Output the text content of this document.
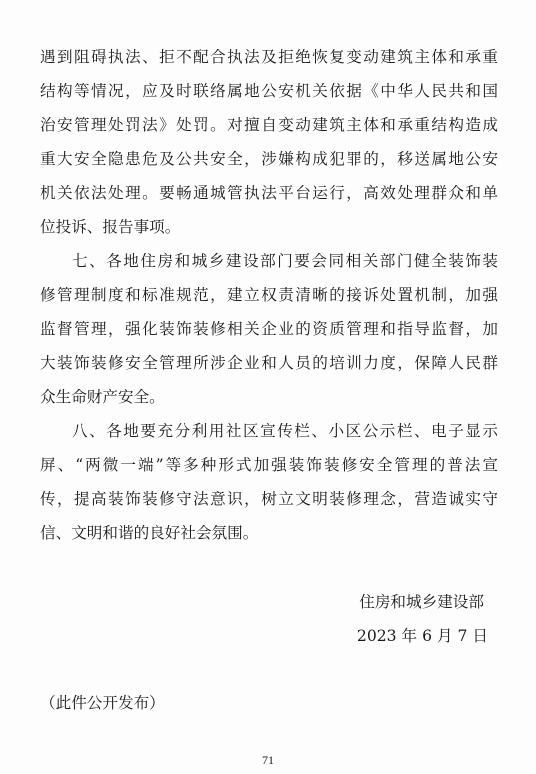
遇到阻碍执法、拒不配合执法及拒绝恢复变动建筑主体和承重
结构等情况，应及时联络属地公安机关依据《中华人民共和国
治安管理处罚法》处罚。对擅自变动建筑主体和承重结构造成
重大安全隐患危及公共安全，涉嫌构成犯罪的，移送属地公安
机关依法处理。要畅通城管执法平台运行，高效处理群众和单
位投诉、报告事项。
七、各地住房和城乡建设部门要会同相关部门健全装饰装
修管理制度和标准规范，建立权责清晰的接诉处置机制，加强
监督管理，强化装饰装修相关企业的资质管理和指导监督，加
大装饰装修安全管理所涉企业和人员的培训力度，保障人民群
众生命财产安全。
八、各地要充分利用社区宣传栏、小区公示栏、电子显示
屏、“两微一端”等多种形式加强装饰装修安全管理的普法宣
传，提高装饰装修守法意识，树立文明装修理念，营造诚实守
信、文明和谐的良好社会氛围。
住房和城乡建设部
2023 年 6 月 7 日
（此件公开发布）
71
